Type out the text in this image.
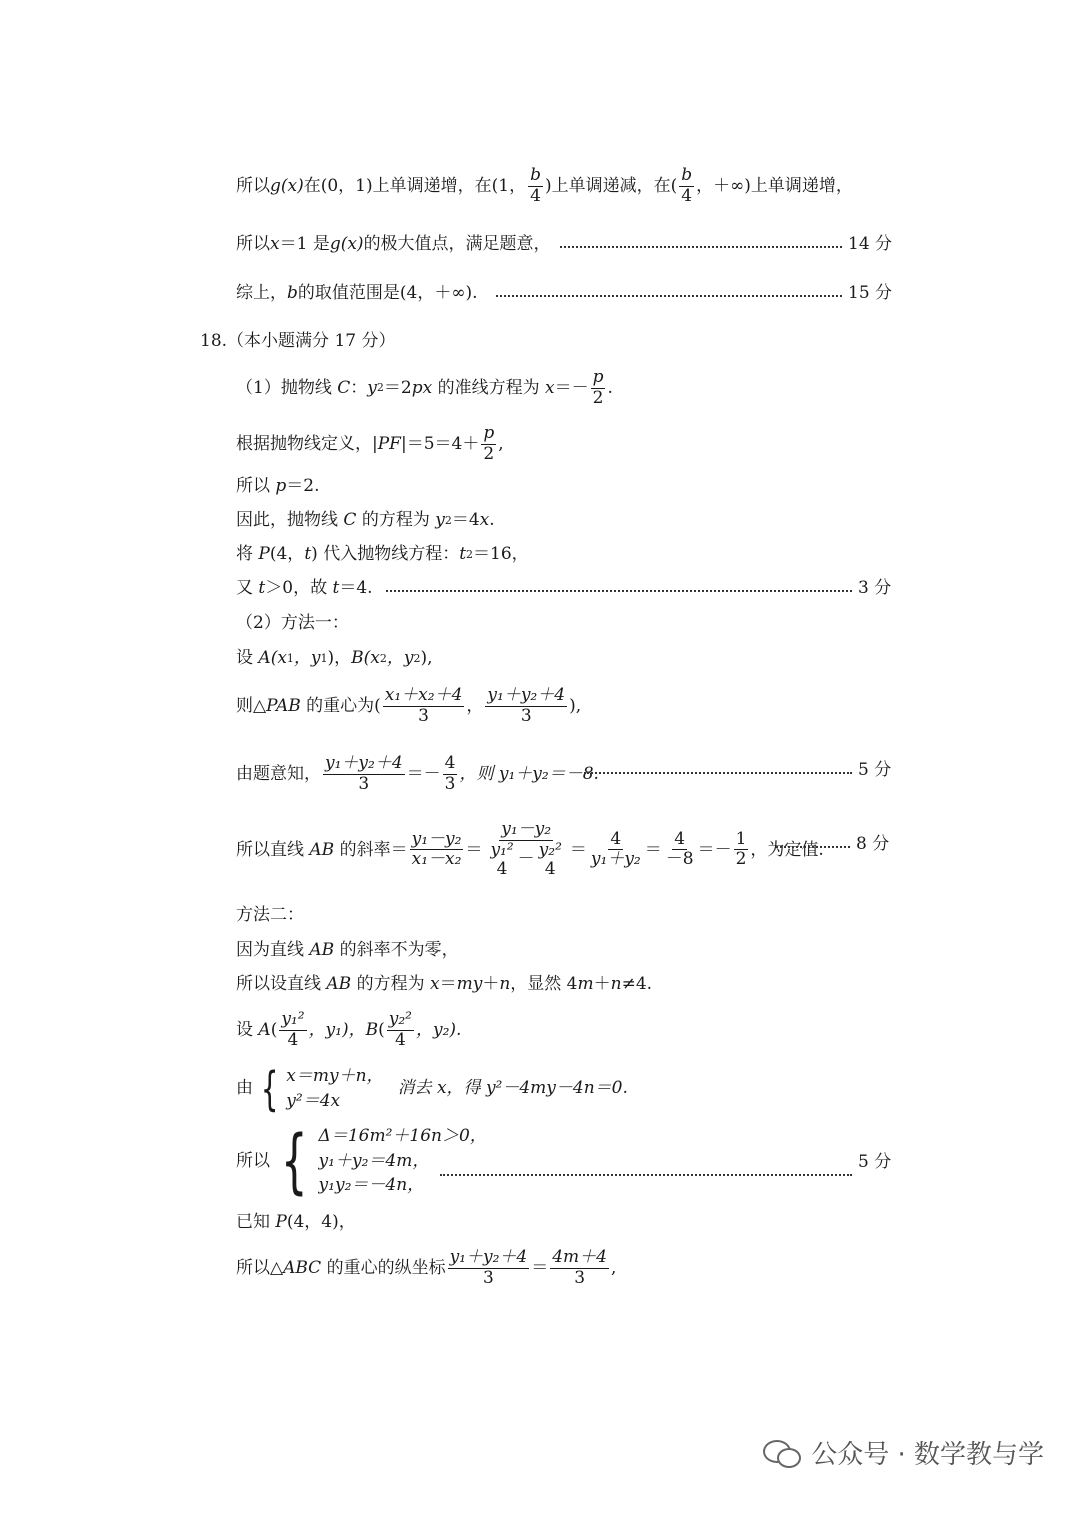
所以 g(x) 在(0，1)上单调递增，在(1， $\frac{b}{4}$ )上单调递减，在( $\frac{b}{4}$ ，＋∞)上单调递增，
所以 x ＝1 是 g(x) 的极大值点，满足题意，	14 分
综上， b 的取值范围是(4，＋∞).	15 分
18.（本小题满分 17 分）
（1）抛物线
C ： y 2 ＝2 px
的准线方程为
$x =- \frac{p}{2}$ .
根据抛物线定义， $|PF| =5=4+ \frac{p}{2}$ ,
所以
p ＝2.
因此，抛物线
C
的方程为
y 2 ＝4 x .
将
P (4， t ) 代入抛物线方程： t 2 ＝16，
又
t ＞0，故
t ＝4.	3 分
（2）方法一：
设
A (x 1 ，y 1 )， B (x 2 ，y 2 ),
则△ PAB
的重心为( $\frac{\text{x₁＋x₂＋4}}{3}$ ， $\frac{\text{y₁＋y₂＋4}}{3}$ ),
由题意知， $\frac{\text{y₁＋y₂＋4}}{3} =- \frac{4}{3}$ ，则 y₁＋y₂＝－8.	5 分
所以直线
AB
的斜率＝ $\frac{\text{y₁－y₂}}{\text{x₁－x₂}} = y_1-y_2$
y₁²
4 － y₂²
$4 = \frac{4}{\text{y₁＋y₂}} = \frac{4}{-8} =- \frac{1}{2}$ ，为定值. 8 分
方法二：
因为直线
AB
的斜率不为零，
所以设直线
AB
的方程为
x ＝ my ＋ n ，显然 4 m ＋ n ≠4.
设
A ( $\frac{\text{y₁²}}{4}$ ，y₁)， B ( $\frac{\text{y₂²}}{4}$ ，y₂).
由 { x＝my＋n，
y²＝4x
消去 x，得 y²－4my－4n＝0.
所以 { Δ＝16m²＋16n＞0，
y₁＋y₂＝4m，
y₁y₂＝－4n，
5 分
已知
P (4，4)，
所以△ ABC
的重心的纵坐标 $\frac{\text{y₁＋y₂＋4}}{3} = \frac{4m+4}{3}$ ,
公众号 · 数学教与学
